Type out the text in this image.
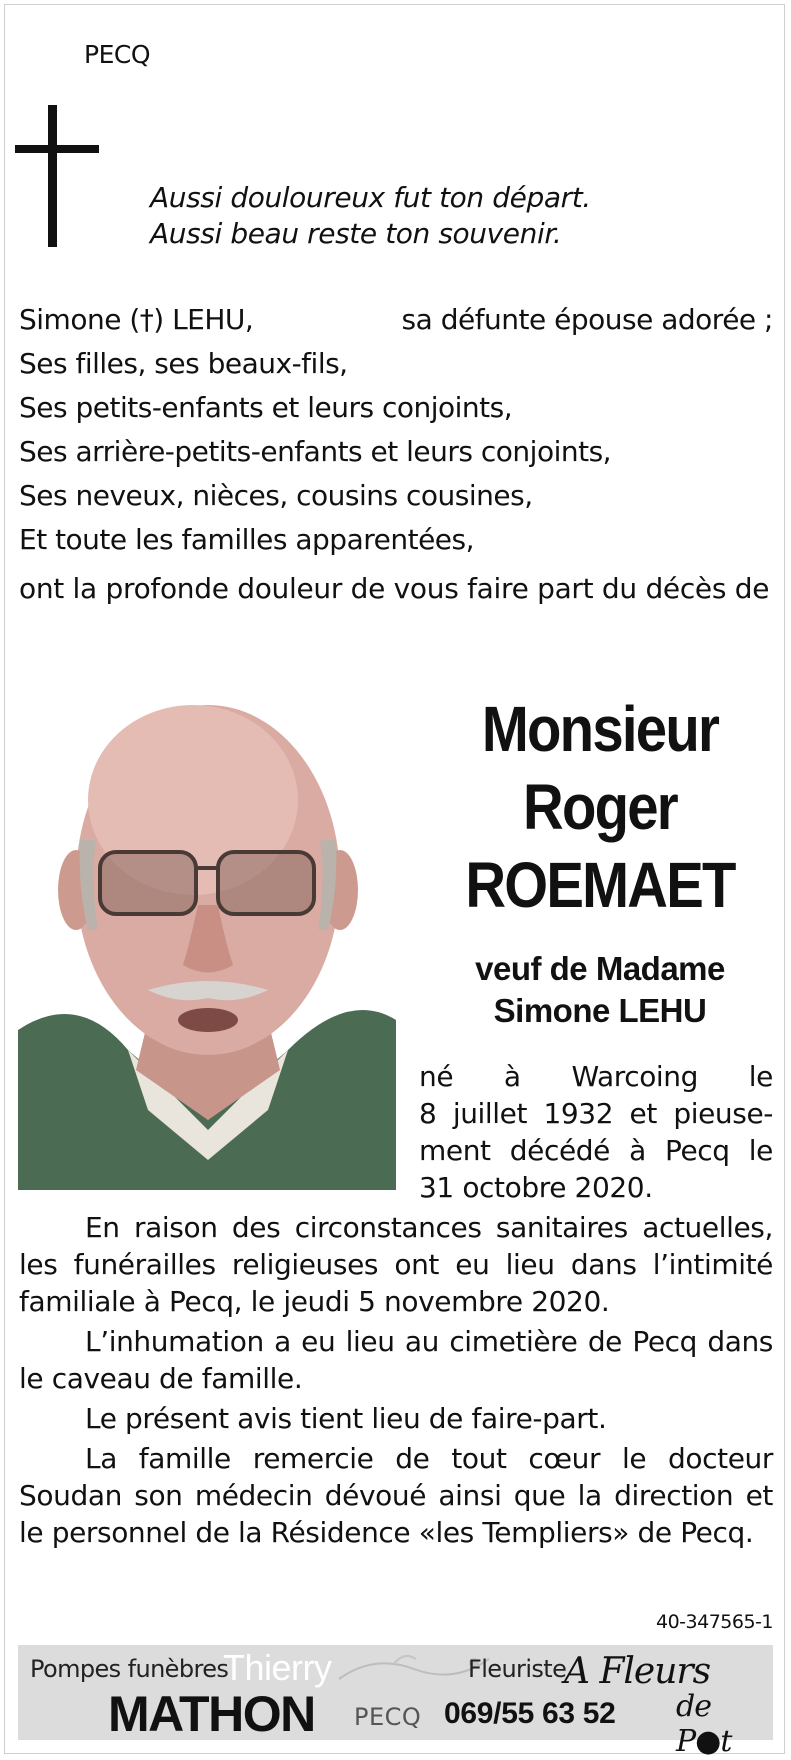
PECQ
Aussi douloureux fut ton départ.
Aussi beau reste ton souvenir.
Simone (†) LEHU,	sa défunte épouse adorée ;
Ses filles, ses beaux-fils,
Ses petits-enfants et leurs conjoints,
Ses arrière-petits-enfants et leurs conjoints,
Ses neveux, nièces, cousins cousines,
Et toute les familles apparentées,
ont la profonde douleur de vous faire part du décès de
Monsieur
Roger
ROEMAET
veuf de Madame
Simone LEHU
né à Warcoing le
8 juillet 1932 et pieuse-
ment décédé à Pecq le
31 octobre 2020.

En raison des circonstances sanitaires actuelles, les funérailles religieuses ont eu lieu dans l’intimité familiale à Pecq, le jeudi 5 novembre 2020.

L’inhumation a eu lieu au cimetière de Pecq dans le caveau de famille.

Le présent avis tient lieu de faire-part.

La famille remercie de tout cœur le docteur Soudan son médecin dévoué ainsi que la direction et le personnel de la Résidence «les Templiers» de Pecq.

40-347565-1
Pompes funèbres
Thierry
MATHON PECQ 069/55 63 52
Fleuriste
A Fleurs
de P●t
